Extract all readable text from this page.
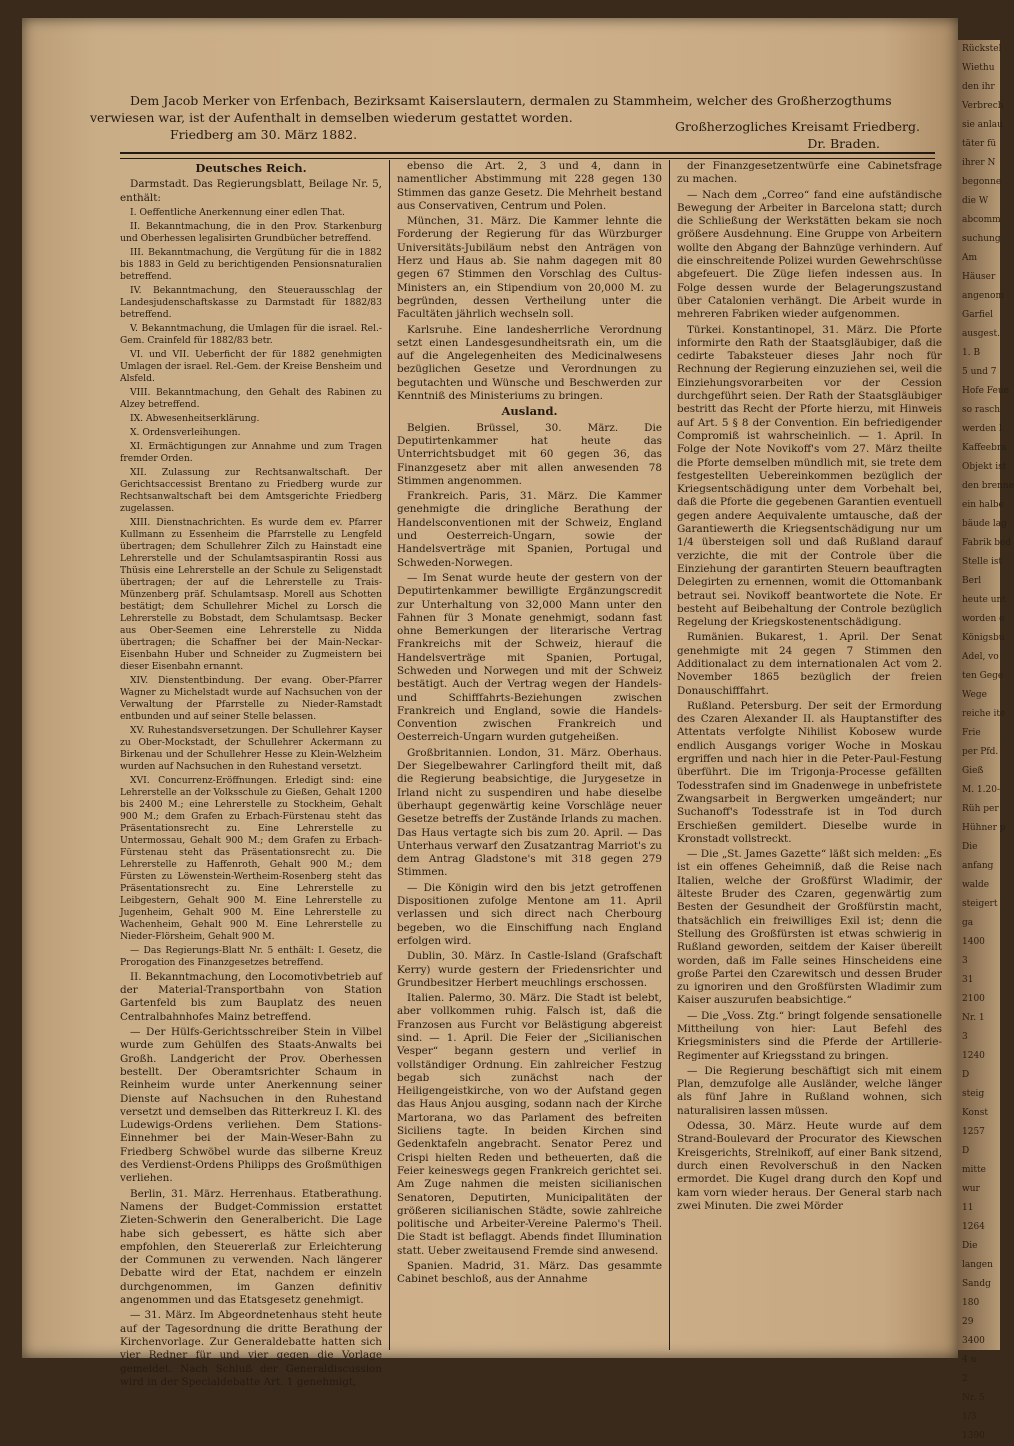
Rückstel
Wiethu
den ihr
Verbrech
sie anlau
täter fü
ihrer N
begonne
die W
abcomm
suchung
Am
Häuser
angenom
Garfiel
ausgest.
1. B
5 und 7
Hofe Feue
so rasch
werden l
Kaffeebra
Objekt ist
den brenne
ein halbe
bäude lag
Fabrik bed
Stelle ist
Berl
heute unt
worden e
Königsbu
Adel, vo
ten Gege
Wege
reiche ite
Frie
per Pfd.
Gieß
M. 1.20-
Rüh per
Hühner p
Die
anfang
walde
steigert
ga
1400
3
31
2100
Nr. 1
3
1240
D
steig
Konst
1257
D
mitte
wur
11
1264
Die
langen
Sandg
180
29
3400
4 u
2
Nr. 5
1/3
1390
Dem Jacob Merker von Erfenbach, Bezirksamt Kaiserslautern, dermalen zu Stammheim, welcher des Großherzogthums verwiesen war, ist der Aufenthalt in demselben wiederum gestattet worden.
Friedberg am 30. März 1882.
Großherzogliches Kreisamt Friedberg.
Dr. Braden.
Deutsches Reich.

Darmstadt. Das Regierungsblatt, Beilage Nr. 5, enthält:

I. Oeffentliche Anerkennung einer edlen That.

II. Bekanntmachung, die in den Prov. Starkenburg und Oberhessen legalisirten Grundbücher betreffend.

III. Bekanntmachung, die Vergütung für die in 1882 bis 1883 in Geld zu berichtigenden Pensionsnaturalien betreffend.

IV. Bekanntmachung, den Steuerausschlag der Landesjudenschaftskasse zu Darmstadt für 1882/83 betreffend.

V. Bekanntmachung, die Umlagen für die israel. Rel.-Gem. Crainfeld für 1882/83 betr.

VI. und VII. Ueberficht der für 1882 genehmigten Umlagen der israel. Rel.-Gem. der Kreise Bensheim und Alsfeld.

VIII. Bekanntmachung, den Gehalt des Rabinen zu Alzey betreffend.

IX. Abwesenheitserklärung.

X. Ordensverleihungen.

XI. Ermächtigungen zur Annahme und zum Tragen fremder Orden.

XII. Zulassung zur Rechtsanwaltschaft. Der Gerichtsaccessist Brentano zu Friedberg wurde zur Rechtsanwaltschaft bei dem Amtsgerichte Friedberg zugelassen.

XIII. Dienstnachrichten. Es wurde dem ev. Pfarrer Kullmann zu Essenheim die Pfarrstelle zu Lengfeld übertragen; dem Schullehrer Zilch zu Hainstadt eine Lehrerstelle und der Schulamtsaspirantin Rossi aus Thüsis eine Lehrerstelle an der Schule zu Seligenstadt übertragen; der auf die Lehrerstelle zu Trais-Münzenberg präf. Schulamtsasp. Morell aus Schotten bestätigt; dem Schullehrer Michel zu Lorsch die Lehrerstelle zu Bobstadt, dem Schulamtsasp. Becker aus Ober-Seemen eine Lehrerstelle zu Nidda übertragen; die Schaffner bei der Main-Neckar-Eisenbahn Huber und Schneider zu Zugmeistern bei dieser Eisenbahn ernannt.

XIV. Dienstentbindung. Der evang. Ober-Pfarrer Wagner zu Michelstadt wurde auf Nachsuchen von der Verwaltung der Pfarrstelle zu Nieder-Ramstadt entbunden und auf seiner Stelle belassen.

XV. Ruhestandsversetzungen. Der Schullehrer Kayser zu Ober-Mockstadt, der Schullehrer Ackermann zu Birkenau und der Schullehrer Hesse zu Klein-Welzheim wurden auf Nachsuchen in den Ruhestand versetzt.

XVI. Concurrenz-Eröffnungen. Erledigt sind: eine Lehrerstelle an der Volksschule zu Gießen, Gehalt 1200 bis 2400 M.; eine Lehrerstelle zu Stockheim, Gehalt 900 M.; dem Grafen zu Erbach-Fürstenau steht das Präsentationsrecht zu. Eine Lehrerstelle zu Untermossau, Gehalt 900 M.; dem Grafen zu Erbach-Fürstenau steht das Präsentationsrecht zu. Die Lehrerstelle zu Haffenroth, Gehalt 900 M.; dem Fürsten zu Löwenstein-Wertheim-Rosenberg steht das Präsentationsrecht zu. Eine Lehrerstelle zu Leibgestern, Gehalt 900 M. Eine Lehrerstelle zu Jugenheim, Gehalt 900 M. Eine Lehrerstelle zu Wachenheim, Gehalt 900 M. Eine Lehrerstelle zu Nieder-Flörsheim, Gehalt 900 M.

— Das Regierungs-Blatt Nr. 5 enthält: I. Gesetz, die Prorogation des Finanzgesetzes betreffend.

II. Bekanntmachung, den Locomotivbetrieb auf der Material-Transportbahn von Station Gartenfeld bis zum Bauplatz des neuen Centralbahnhofes Mainz betreffend.

— Der Hülfs-Gerichtsschreiber Stein in Vilbel wurde zum Gehülfen des Staats-Anwalts bei Großh. Landgericht der Prov. Oberhessen bestellt. Der Oberamtsrichter Schaum in Reinheim wurde unter Anerkennung seiner Dienste auf Nachsuchen in den Ruhestand versetzt und demselben das Ritterkreuz I. Kl. des Ludewigs-Ordens verliehen. Dem Stations-Einnehmer bei der Main-Weser-Bahn zu Friedberg Schwöbel wurde das silberne Kreuz des Verdienst-Ordens Philipps des Großmüthigen verliehen.

Berlin, 31. März. Herrenhaus. Etatberathung. Namens der Budget-Commission erstattet Zieten-Schwerin den Generalbericht. Die Lage habe sich gebessert, es hätte sich aber empfohlen, den Steuererlaß zur Erleichterung der Communen zu verwenden. Nach längerer Debatte wird der Etat, nachdem er einzeln durchgenommen, im Ganzen definitiv angenommen und das Etatsgesetz genehmigt.

— 31. März. Im Abgeordnetenhaus steht heute auf der Tagesordnung die dritte Berathung der Kirchenvorlage. Zur Generaldebatte hatten sich vier Redner für und vier gegen die Vorlage gemeldet. Nach Schluß der Generaldiscussion wird in der Specialdebatte Art. 1 genehmigt,

ebenso die Art. 2, 3 und 4, dann in namentlicher Abstimmung mit 228 gegen 130 Stimmen das ganze Gesetz. Die Mehrheit bestand aus Conservativen, Centrum und Polen.

München, 31. März. Die Kammer lehnte die Forderung der Regierung für das Würzburger Universitäts-Jubiläum nebst den Anträgen von Herz und Haus ab. Sie nahm dagegen mit 80 gegen 67 Stimmen den Vorschlag des Cultus-Ministers an, ein Stipendium von 20,000 M. zu begründen, dessen Vertheilung unter die Facultäten jährlich wechseln soll.

Karlsruhe. Eine landesherrliche Verordnung setzt einen Landesgesundheitsrath ein, um die auf die Angelegenheiten des Medicinalwesens bezüglichen Gesetze und Verordnungen zu begutachten und Wünsche und Beschwerden zur Kenntniß des Ministeriums zu bringen.

Ausland.

Belgien. Brüssel, 30. März. Die Deputirtenkammer hat heute das Unterrichtsbudget mit 60 gegen 36, das Finanzgesetz aber mit allen anwesenden 78 Stimmen angenommen.

Frankreich. Paris, 31. März. Die Kammer genehmigte die dringliche Berathung der Handelsconventionen mit der Schweiz, England und Oesterreich-Ungarn, sowie der Handelsverträge mit Spanien, Portugal und Schweden-Norwegen.

— Im Senat wurde heute der gestern von der Deputirtenkammer bewilligte Ergänzungscredit zur Unterhaltung von 32,000 Mann unter den Fahnen für 3 Monate genehmigt, sodann fast ohne Bemerkungen der literarische Vertrag Frankreichs mit der Schweiz, hierauf die Handelsverträge mit Spanien, Portugal, Schweden und Norwegen und mit der Schweiz bestätigt. Auch der Vertrag wegen der Handels- und Schifffahrts-Beziehungen zwischen Frankreich und England, sowie die Handels-Convention zwischen Frankreich und Oesterreich-Ungarn wurden gutgeheißen.

Großbritannien. London, 31. März. Oberhaus. Der Siegelbewahrer Carlingford theilt mit, daß die Regierung beabsichtige, die Jurygesetze in Irland nicht zu suspendiren und habe dieselbe überhaupt gegenwärtig keine Vorschläge neuer Gesetze betreffs der Zustände Irlands zu machen. Das Haus vertagte sich bis zum 20. April. — Das Unterhaus verwarf den Zusatzantrag Marriot's zu dem Antrag Gladstone's mit 318 gegen 279 Stimmen.

— Die Königin wird den bis jetzt getroffenen Dispositionen zufolge Mentone am 11. April verlassen und sich direct nach Cherbourg begeben, wo die Einschiffung nach England erfolgen wird.

Dublin, 30. März. In Castle-Island (Grafschaft Kerry) wurde gestern der Friedensrichter und Grundbesitzer Herbert meuchlings erschossen.

Italien. Palermo, 30. März. Die Stadt ist belebt, aber vollkommen ruhig. Falsch ist, daß die Franzosen aus Furcht vor Belästigung abgereist sind. — 1. April. Die Feier der „Sicilianischen Vesper“ begann gestern und verlief in vollständiger Ordnung. Ein zahlreicher Festzug begab sich zunächst nach der Heiligengeistkirche, von wo der Aufstand gegen das Haus Anjou ausging, sodann nach der Kirche Martorana, wo das Parlament des befreiten Siciliens tagte. In beiden Kirchen sind Gedenktafeln angebracht. Senator Perez und Crispi hielten Reden und betheuerten, daß die Feier keineswegs gegen Frankreich gerichtet sei. Am Zuge nahmen die meisten sicilianischen Senatoren, Deputirten, Municipalitäten der größeren sicilianischen Städte, sowie zahlreiche politische und Arbeiter-Vereine Palermo's Theil. Die Stadt ist beflaggt. Abends findet Illumination statt. Ueber zweitausend Fremde sind anwesend.

Spanien. Madrid, 31. März. Das gesammte Cabinet beschloß, aus der Annahme

der Finanzgesetzentwürfe eine Cabinetsfrage zu machen.

— Nach dem „Correo“ fand eine aufständische Bewegung der Arbeiter in Barcelona statt; durch die Schließung der Werkstätten bekam sie noch größere Ausdehnung. Eine Gruppe von Arbeitern wollte den Abgang der Bahnzüge verhindern. Auf die einschreitende Polizei wurden Gewehrschüsse abgefeuert. Die Züge liefen indessen aus. In Folge dessen wurde der Belagerungszustand über Catalonien verhängt. Die Arbeit wurde in mehreren Fabriken wieder aufgenommen.

Türkei. Konstantinopel, 31. März. Die Pforte informirte den Rath der Staatsgläubiger, daß die cedirte Tabaksteuer dieses Jahr noch für Rechnung der Regierung einzuziehen sei, weil die Einziehungsvorarbeiten vor der Cession durchgeführt seien. Der Rath der Staatsgläubiger bestritt das Recht der Pforte hierzu, mit Hinweis auf Art. 5 § 8 der Convention. Ein befriedigender Compromiß ist wahrscheinlich. — 1. April. In Folge der Note Novikoff's vom 27. März theilte die Pforte demselben mündlich mit, sie trete dem festgestellten Uebereinkommen bezüglich der Kriegsentschädigung unter dem Vorbehalt bei, daß die Pforte die gegebenen Garantien eventuell gegen andere Aequivalente umtausche, daß der Garantiewerth die Kriegsentschädigung nur um 1/4 übersteigen soll und daß Rußland darauf verzichte, die mit der Controle über die Einziehung der garantirten Steuern beauftragten Delegirten zu ernennen, womit die Ottomanbank betraut sei. Novikoff beantwortete die Note. Er besteht auf Beibehaltung der Controle bezüglich Regelung der Kriegskostenentschädigung.

Rumänien. Bukarest, 1. April. Der Senat genehmigte mit 24 gegen 7 Stimmen den Additionalact zu dem internationalen Act vom 2. November 1865 bezüglich der freien Donauschifffahrt.

Rußland. Petersburg. Der seit der Ermordung des Czaren Alexander II. als Hauptanstifter des Attentats verfolgte Nihilist Kobosew wurde endlich Ausgangs voriger Woche in Moskau ergriffen und nach hier in die Peter-Paul-Festung überführt. Die im Trigonja-Processe gefällten Todesstrafen sind im Gnadenwege in unbefristete Zwangsarbeit in Bergwerken umgeändert; nur Suchanoff's Todesstrafe ist in Tod durch Erschießen gemildert. Dieselbe wurde in Kronstadt vollstreckt.

— Die „St. James Gazette“ läßt sich melden: „Es ist ein offenes Geheimniß, daß die Reise nach Italien, welche der Großfürst Wladimir, der älteste Bruder des Czaren, gegenwärtig zum Besten der Gesundheit der Großfürstin macht, thatsächlich ein freiwilliges Exil ist; denn die Stellung des Großfürsten ist etwas schwierig in Rußland geworden, seitdem der Kaiser übereilt worden, daß im Falle seines Hinscheidens eine große Partei den Czarewitsch und dessen Bruder zu ignoriren und den Großfürsten Wladimir zum Kaiser auszurufen beabsichtige.“

— Die „Voss. Ztg.“ bringt folgende sensationelle Mittheilung von hier: Laut Befehl des Kriegsministers sind die Pferde der Artillerie-Regimenter auf Kriegsstand zu bringen.

— Die Regierung beschäftigt sich mit einem Plan, demzufolge alle Ausländer, welche länger als fünf Jahre in Rußland wohnen, sich naturalisiren lassen müssen.

Odessa, 30. März. Heute wurde auf dem Strand-Boulevard der Procurator des Kiewschen Kreisgerichts, Strelnikoff, auf einer Bank sitzend, durch einen Revolverschuß in den Nacken ermordet. Die Kugel drang durch den Kopf und kam vorn wieder heraus. Der General starb nach zwei Minuten. Die zwei Mörder
